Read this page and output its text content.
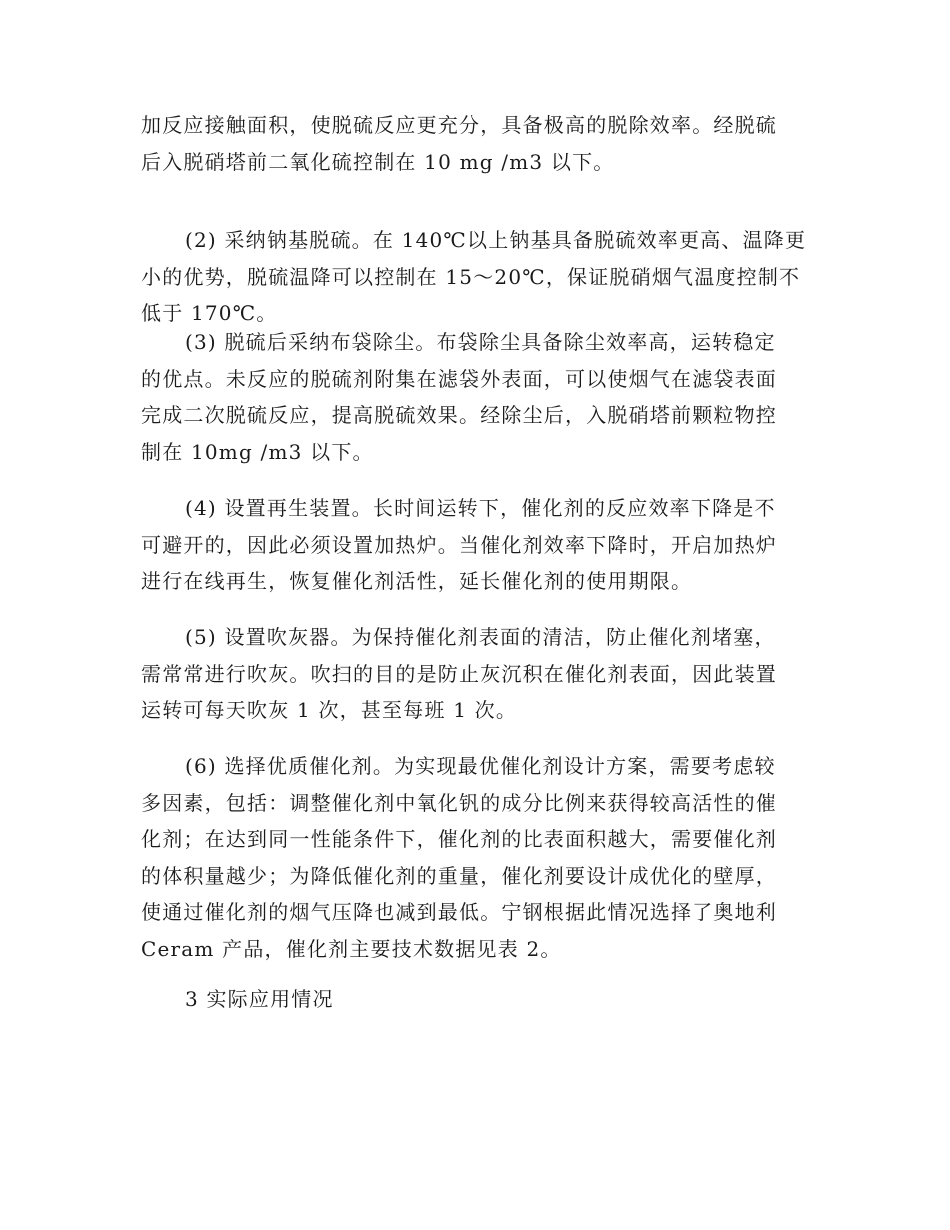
加反应接触面积，使脱硫反应更充分，具备极高的脱除效率。经脱硫
后入脱硝塔前二氧化硫控制在 10 mg /m3 以下。
(2) 采纳钠基脱硫。在 140℃以上钠基具备脱硫效率更高、温降更
小的优势，脱硫温降可以控制在 15～20℃，保证脱硝烟气温度控制不
低于 170℃。
(3) 脱硫后采纳布袋除尘。布袋除尘具备除尘效率高，运转稳定
的优点。未反应的脱硫剂附集在滤袋外表面，可以使烟气在滤袋表面
完成二次脱硫反应，提高脱硫效果。经除尘后，入脱硝塔前颗粒物控
制在 10mg /m3 以下。
(4) 设置再生装置。长时间运转下，催化剂的反应效率下降是不
可避开的，因此必须设置加热炉。当催化剂效率下降时，开启加热炉
进行在线再生，恢复催化剂活性，延长催化剂的使用期限。
(5) 设置吹灰器。为保持催化剂表面的清洁，防止催化剂堵塞，
需常常进行吹灰。吹扫的目的是防止灰沉积在催化剂表面，因此装置
运转可每天吹灰 1 次，甚至每班 1 次。
(6) 选择优质催化剂。为实现最优催化剂设计方案，需要考虑较
多因素，包括：调整催化剂中氧化钒的成分比例来获得较高活性的催
化剂；在达到同一性能条件下，催化剂的比表面积越大，需要催化剂
的体积量越少；为降低催化剂的重量，催化剂要设计成优化的壁厚，
使通过催化剂的烟气压降也减到最低。宁钢根据此情况选择了奥地利
Ceram 产品，催化剂主要技术数据见表 2。
3 实际应用情况
